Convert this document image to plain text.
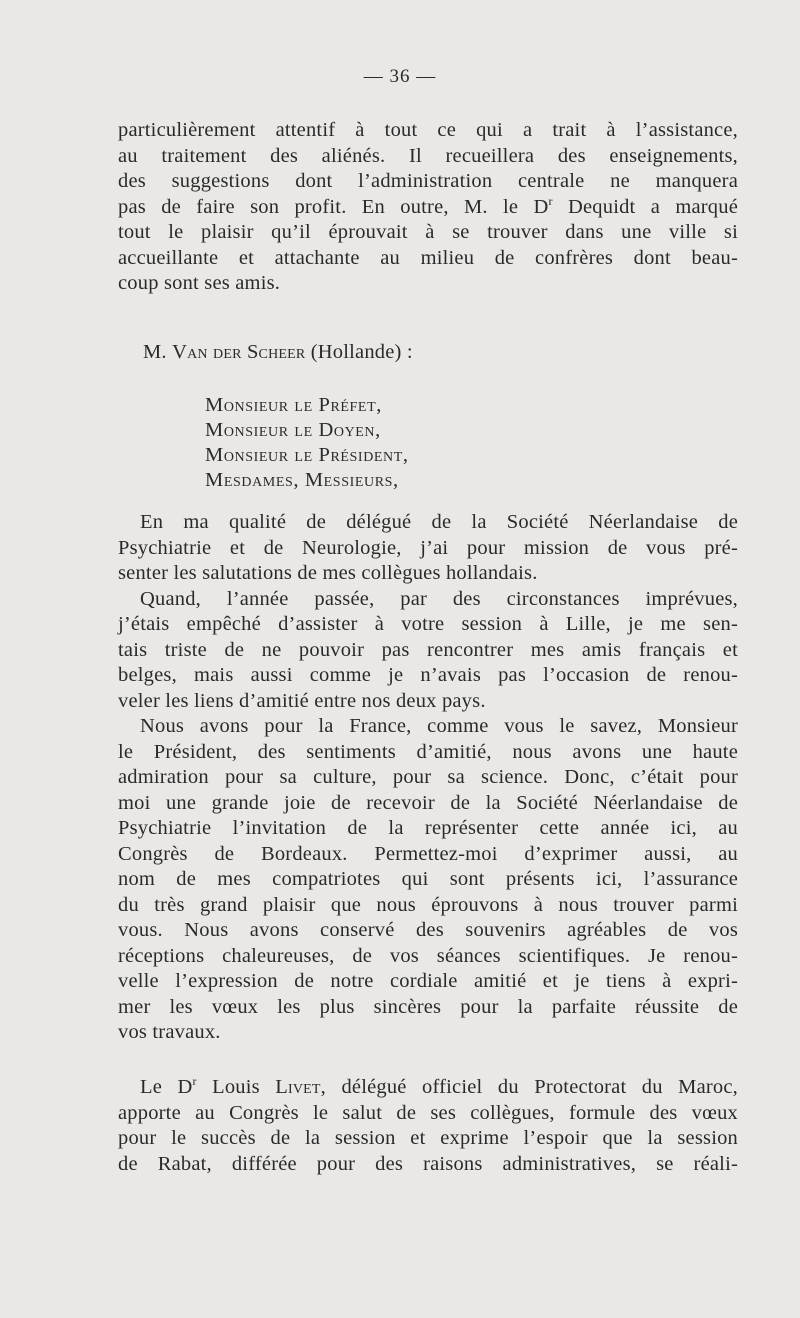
— 36 —

particulièrement attentif à tout ce qui a trait à l’assistance,

au traitement des aliénés. Il recueillera des enseignements,

des suggestions dont l’administration centrale ne manquera

pas de faire son profit. En outre, M. le $D^r$ Dequidt a marqué

tout le plaisir qu’il éprouvait à se trouver dans une ville si

accueillante et attachante au milieu de confrères dont beau-

coup sont ses amis.

M. Van der Scheer (Hollande) :
Monsieur le Préfet,
Monsieur le Doyen,
Monsieur le Président,
Mesdames, Messieurs,

En ma qualité de délégué de la Société Néerlandaise de

Psychiatrie et de Neurologie, j’ai pour mission de vous pré-

senter les salutations de mes collègues hollandais.

Quand, l’année passée, par des circonstances imprévues,

j’étais empêché d’assister à votre session à Lille, je me sen-

tais triste de ne pouvoir pas rencontrer mes amis français et

belges, mais aussi comme je n’avais pas l’occasion de renou-

veler les liens d’amitié entre nos deux pays.

Nous avons pour la France, comme vous le savez, Monsieur

le Président, des sentiments d’amitié, nous avons une haute

admiration pour sa culture, pour sa science. Donc, c’était pour

moi une grande joie de recevoir de la Société Néerlandaise de

Psychiatrie l’invitation de la représenter cette année ici, au

Congrès de Bordeaux. Permettez-moi d’exprimer aussi, au

nom de mes compatriotes qui sont présents ici, l’assurance

du très grand plaisir que nous éprouvons à nous trouver parmi

vous. Nous avons conservé des souvenirs agréables de vos

réceptions chaleureuses, de vos séances scientifiques. Je renou-

velle l’expression de notre cordiale amitié et je tiens à expri-

mer les vœux les plus sincères pour la parfaite réussite de

vos travaux.

Le $D^r$ Louis Livet, délégué officiel du Protectorat du Maroc,

apporte au Congrès le salut de ses collègues, formule des vœux

pour le succès de la session et exprime l’espoir que la session

de Rabat, différée pour des raisons administratives, se réali-
